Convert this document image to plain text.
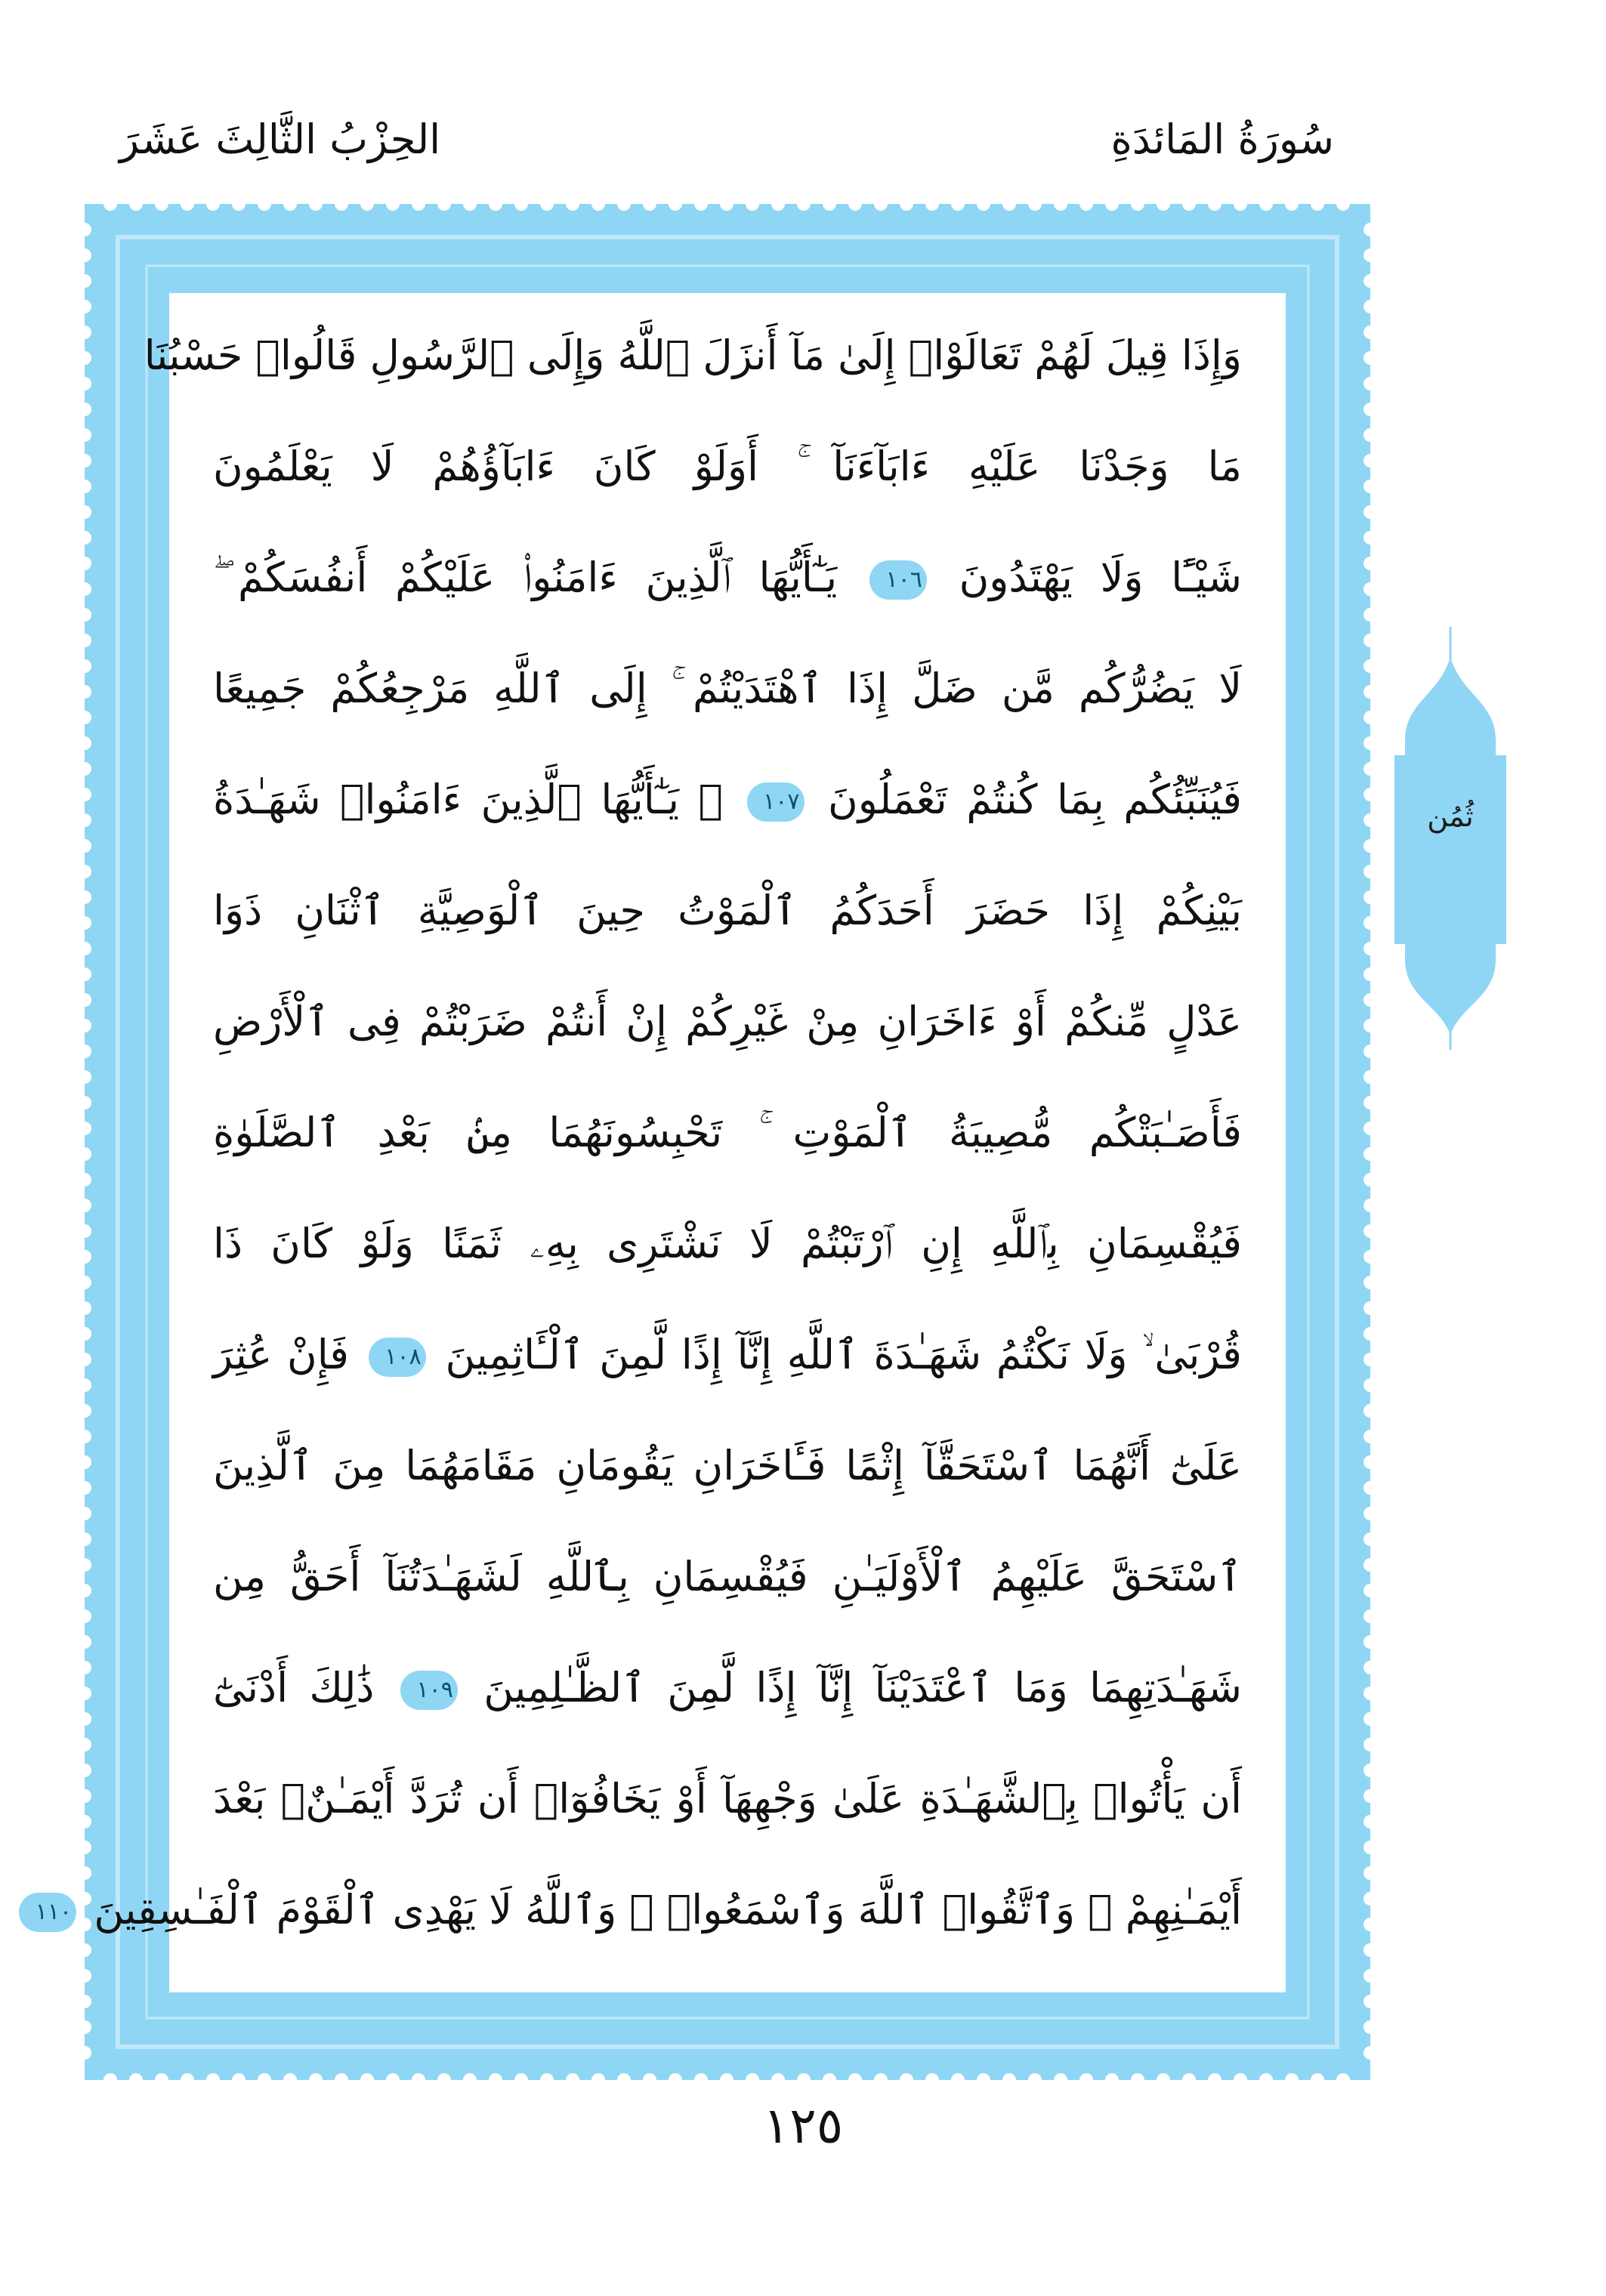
سُورَةُ المَائدَةِ
الحِزْبُ الثَّالِثَ عَشَرَ
وَإِذَا قِيلَ لَهُمْ تَعَالَوْا۟ إِلَىٰ مَآ أَنزَلَ ٱللَّهُ وَإِلَى ٱلرَّسُولِ قَالُوا۟ حَسْبُنَا
مَا وَجَدْنَا عَلَيْهِ ءَابَآءَنَآ ۚ أَوَلَوْ كَانَ ءَابَآؤُهُمْ لَا يَعْلَمُونَ
شَيْـًٔا وَلَا يَهْتَدُونَ ١٠٦ يَـٰٓأَيُّهَا ٱلَّذِينَ ءَامَنُوا۟ عَلَيْكُمْ أَنفُسَكُمْ ۖ
لَا يَضُرُّكُم مَّن ضَلَّ إِذَا ٱهْتَدَيْتُمْ ۚ إِلَى ٱللَّهِ مَرْجِعُكُمْ جَمِيعًا
فَيُنَبِّئُكُم بِمَا كُنتُمْ تَعْمَلُونَ ١٠٧ ۞ يَـٰٓأَيُّهَا ٱلَّذِينَ ءَامَنُوا۟ شَهَـٰدَةُ
بَيْنِكُمْ إِذَا حَضَرَ أَحَدَكُمُ ٱلْمَوْتُ حِينَ ٱلْوَصِيَّةِ ٱثْنَانِ ذَوَا
عَدْلٍ مِّنكُمْ أَوْ ءَاخَرَانِ مِنْ غَيْرِكُمْ إِنْ أَنتُمْ ضَرَبْتُمْ فِى ٱلْأَرْضِ
فَأَصَـٰبَتْكُم مُّصِيبَةُ ٱلْمَوْتِ ۚ تَحْبِسُونَهُمَا مِنۢ بَعْدِ ٱلصَّلَوٰةِ
فَيُقْسِمَانِ بِٱللَّهِ إِنِ ٱرْتَبْتُمْ لَا نَشْتَرِى بِهِۦ ثَمَنًا وَلَوْ كَانَ ذَا
قُرْبَىٰ ۙ وَلَا نَكْتُمُ شَهَـٰدَةَ ٱللَّهِ إِنَّآ إِذًا لَّمِنَ ٱلْـَٔاثِمِينَ ١٠٨ فَإِنْ عُثِرَ
عَلَىٰٓ أَنَّهُمَا ٱسْتَحَقَّآ إِثْمًا فَـَٔاخَرَانِ يَقُومَانِ مَقَامَهُمَا مِنَ ٱلَّذِينَ
ٱسْتَحَقَّ عَلَيْهِمُ ٱلْأَوْلَيَـٰنِ فَيُقْسِمَانِ بِٱللَّهِ لَشَهَـٰدَتُنَآ أَحَقُّ مِن
شَهَـٰدَتِهِمَا وَمَا ٱعْتَدَيْنَآ إِنَّآ إِذًا لَّمِنَ ٱلظَّـٰلِمِينَ ١٠٩ ذَٰلِكَ أَدْنَىٰٓ
أَن يَأْتُوا۟ بِٱلشَّهَـٰدَةِ عَلَىٰ وَجْهِهَآ أَوْ يَخَافُوٓا۟ أَن تُرَدَّ أَيْمَـٰنٌۢ بَعْدَ
أَيْمَـٰنِهِمْ ۗ وَٱتَّقُوا۟ ٱللَّهَ وَٱسْمَعُوا۟ ۗ وَٱللَّهُ لَا يَهْدِى ٱلْقَوْمَ ٱلْفَـٰسِقِينَ ١١٠
ثُمُن
١٢٥
